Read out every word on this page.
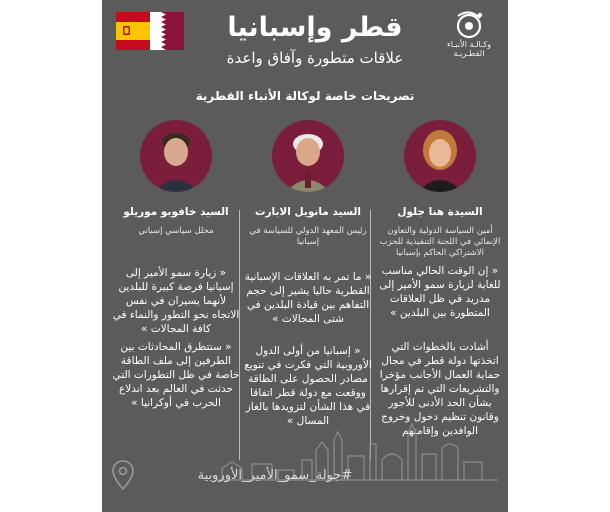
وكـالـة الأنبـاء
القطـريـة
قطر وإسبانيا
علاقات متطورة وآفاق واعدة
تصريحات خاصة لوكالة الأنباء القطرية
السيدة هنا جلول
أمين السياسة الدولية والتعاون الإنمائي في اللجنة التنفيذية للحزب الاشتراكي الحاكم بإسبانيا
« إن الوقت الحالي مناسب للغاية لزيارة سمو الأمير إلى مدريد في ظل العلاقات المتطورة بين البلدين »
أشادت بالخطوات التي اتخذتها دولة قطر في مجال حماية العمال الأجانب مؤخرا والتشريعات التي تم إقرارها بشأن الحد الأدنى للأجور وقانون تنظيم دخول وخروج الوافدين وإقامتهم
السيد مانويل الابارت
رئيس المعهد الدولي للسياسة في إسبانيا
« ما تمر به العلاقات الإسبانية القطرية حاليا يشير إلى حجم التفاهم بين قيادة البلدين في شتى المجالات »
« إسبانيا من أولى الدول الأوروبية التي فكرت في تنويع مصادر الحصول على الطاقة ووقعت مع دولة قطر اتفاقا في هذا الشأن لتزويدها بالغاز المسال »
السيد خافوبو موريلو
محلل سياسي إسباني
« زيارة سمو الأمير إلى إسبانيا فرصة كبيرة للبلدين لأنهما يسيران في نفس الاتجاه نحو التطور والنماء في كافة المجالات »
« ستتطرق المحادثات بين الطرفين إلى ملف الطاقة خاصة في ظل التطورات التي حدثت في العالم بعد اندلاع الحرب في أوكرانيا »
#جولة_سمو_الأمير_الأوروبية
